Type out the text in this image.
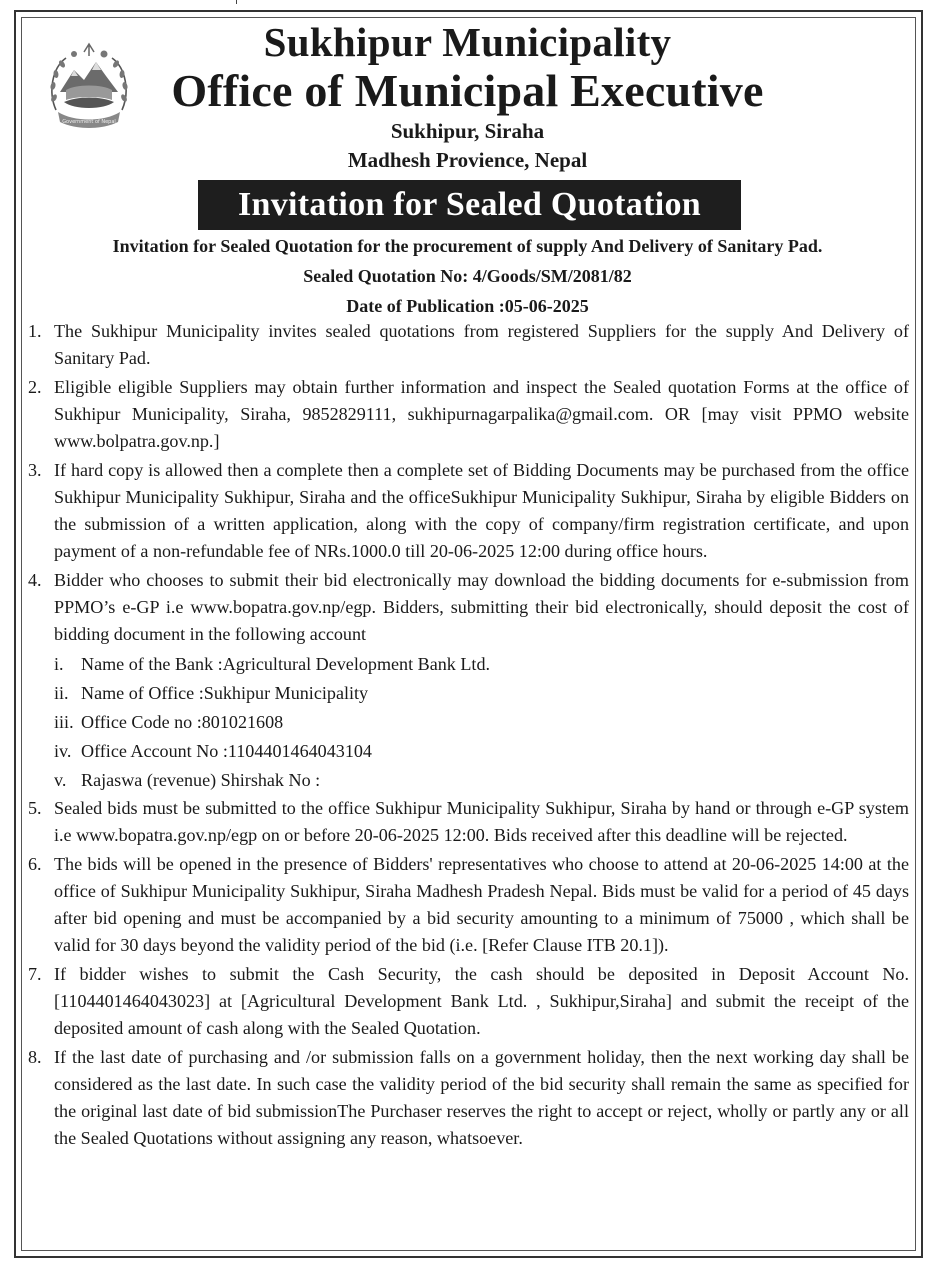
Government of Nepal
Sukhipur Municipality
Office of Municipal Executive
Sukhipur, Siraha
Madhesh Provience, Nepal
Invitation for Sealed Quotation
Invitation for Sealed Quotation for the procurement of supply And Delivery of Sanitary Pad.
Sealed Quotation No: 4/Goods/SM/2081/82
Date of Publication :05-06-2025
1. The Sukhipur Municipality invites sealed quotations from registered Suppliers for the supply And Delivery of Sanitary Pad.
2. Eligible eligible Suppliers may obtain further information and inspect the Sealed quotation Forms at the office of Sukhipur Municipality, Siraha, 9852829111, sukhipurnagarpalika@gmail.com. OR [may visit PPMO website www.bolpatra.gov.np.]
3. If hard copy is allowed then a complete then a complete set of Bidding Documents may be purchased from the office Sukhipur Municipality Sukhipur, Siraha and the officeSukhipur Municipality Sukhipur, Siraha by eligible Bidders on the submission of a written application, along with the copy of company/firm registration certificate, and upon payment of a non-refundable fee of NRs.1000.0 till 20-06-2025 12:00 during office hours.
4. Bidder who chooses to submit their bid electronically may download the bidding documents for e-submission from PPMO’s e-GP i.e www.bopatra.gov.np/egp. Bidders, submitting their bid electronically, should deposit the cost of bidding document in the following account
i. Name of the Bank :Agricultural Development Bank Ltd.
ii. Name of Office :Sukhipur Municipality
iii. Office Code no :801021608
iv. Office Account No :1104401464043104
v. Rajaswa (revenue) Shirshak No :
5. Sealed bids must be submitted to the office Sukhipur Municipality Sukhipur, Siraha by hand or through e-GP system i.e www.bopatra.gov.np/egp on or before 20-06-2025 12:00. Bids received after this deadline will be rejected.
6. The bids will be opened in the presence of Bidders' representatives who choose to attend at 20-06-2025 14:00 at the office of Sukhipur Municipality Sukhipur, Siraha Madhesh Pradesh Nepal. Bids must be valid for a period of 45 days after bid opening and must be accompanied by a bid security amounting to a minimum of 75000 , which shall be valid for 30 days beyond the validity period of the bid (i.e. [Refer Clause ITB 20.1]).
7. If bidder wishes to submit the Cash Security, the cash should be deposited in Deposit Account No.[1104401464043023] at [Agricultural Development Bank Ltd. , Sukhipur,Siraha] and submit the receipt of the deposited amount of cash along with the Sealed Quotation.
8. If the last date of purchasing and /or submission falls on a government holiday, then the next working day shall be considered as the last date. In such case the validity period of the bid security shall remain the same as specified for the original last date of bid submissionThe Purchaser reserves the right to accept or reject, wholly or partly any or all the Sealed Quotations without assigning any reason, whatsoever.
